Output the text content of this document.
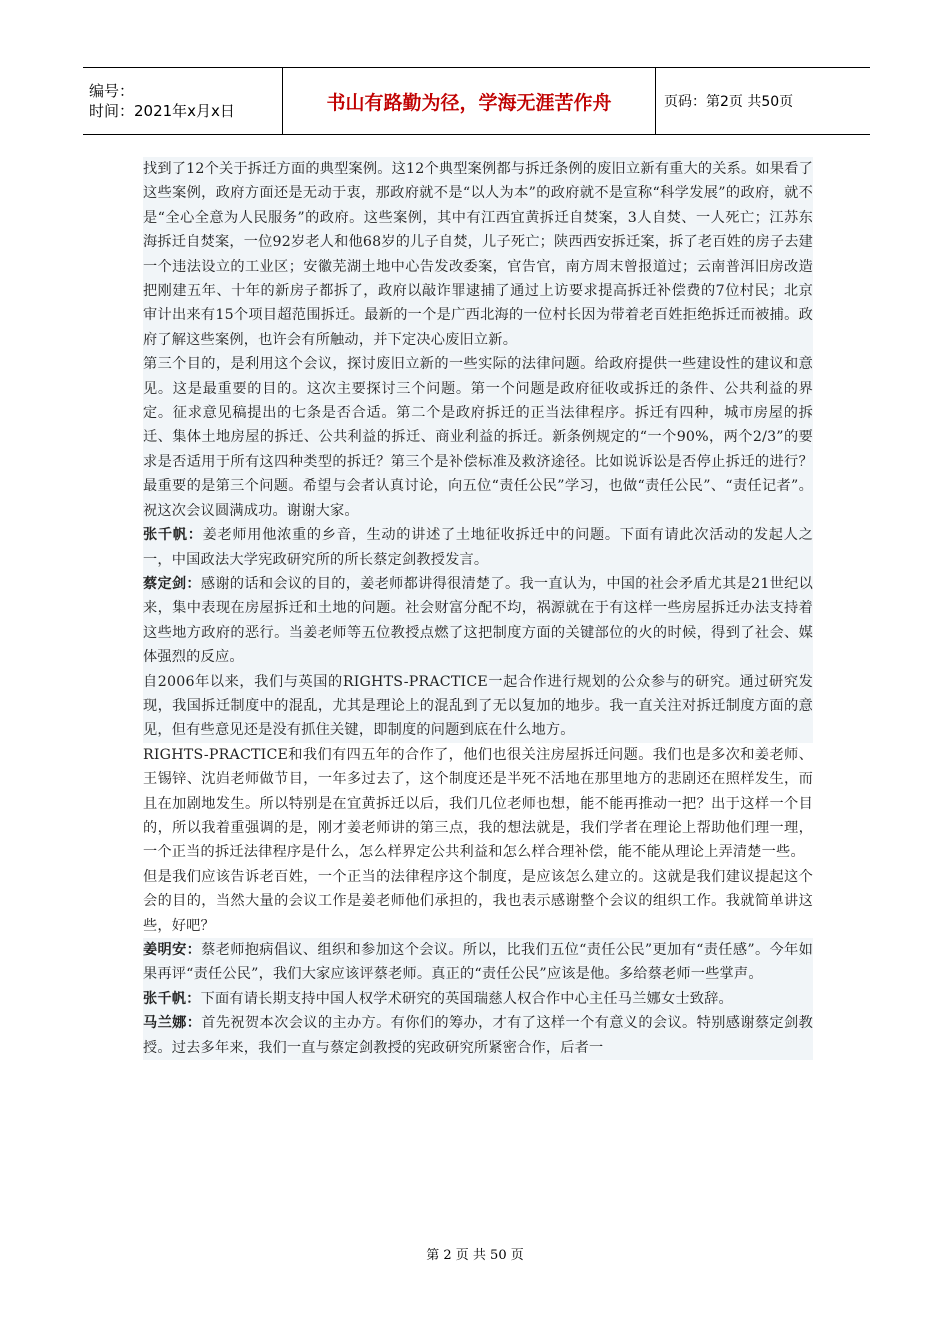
编号：
时间：2021年x月x日	书山有路勤为径，学海无涯苦作舟	页码：第2页 共50页

找到了12个关于拆迁方面的典型案例。这12个典型案例都与拆迁条例的废旧立新有重大的关系。如果看了这些案例，政府方面还是无动于衷，那政府就不是“以人为本”的政府就不是宣称“科学发展”的政府，就不是“全心全意为人民服务”的政府。这些案例，其中有江西宜黄拆迁自焚案，3人自焚、一人死亡；江苏东海拆迁自焚案，一位92岁老人和他68岁的儿子自焚，儿子死亡；陕西西安拆迁案，拆了老百姓的房子去建一个违法设立的工业区；安徽芜湖土地中心告发改委案，官告官，南方周末曾报道过；云南普洱旧房改造把刚建五年、十年的新房子都拆了，政府以敲诈罪逮捕了通过上访要求提高拆迁补偿费的7位村民；北京审计出来有15个项目超范围拆迁。最新的一个是广西北海的一位村长因为带着老百姓拒绝拆迁而被捕。政府了解这些案例，也许会有所触动，并下定决心废旧立新。

第三个目的，是利用这个会议，探讨废旧立新的一些实际的法律问题。给政府提供一些建设性的建议和意见。这是最重要的目的。这次主要探讨三个问题。第一个问题是政府征收或拆迁的条件、公共利益的界定。征求意见稿提出的七条是否合适。第二个是政府拆迁的正当法律程序。拆迁有四种，城市房屋的拆迁、集体土地房屋的拆迁、公共利益的拆迁、商业利益的拆迁。新条例规定的“一个90%，两个2/3”的要求是否适用于所有这四种类型的拆迁？第三个是补偿标准及救济途径。比如说诉讼是否停止拆迁的进行？最重要的是第三个问题。希望与会者认真讨论，向五位“责任公民”学习，也做“责任公民”、“责任记者”。祝这次会议圆满成功。谢谢大家。

张千帆：姜老师用他浓重的乡音，生动的讲述了土地征收拆迁中的问题。下面有请此次活动的发起人之一，中国政法大学宪政研究所的所长蔡定剑教授发言。

蔡定剑：感谢的话和会议的目的，姜老师都讲得很清楚了。我一直认为，中国的社会矛盾尤其是21世纪以来，集中表现在房屋拆迁和土地的问题。社会财富分配不均，祸源就在于有这样一些房屋拆迁办法支持着这些地方政府的恶行。当姜老师等五位教授点燃了这把制度方面的关键部位的火的时候，得到了社会、媒体强烈的反应。

自2006年以来，我们与英国的RIGHTS-PRACTICE一起合作进行规划的公众参与的研究。通过研究发现，我国拆迁制度中的混乱，尤其是理论上的混乱到了无以复加的地步。我一直关注对拆迁制度方面的意见，但有些意见还是没有抓住关键，即制度的问题到底在什么地方。

RIGHTS-PRACTICE和我们有四五年的合作了，他们也很关注房屋拆迁问题。我们也是多次和姜老师、王锡锌、沈岿老师做节目，一年多过去了，这个制度还是半死不活地在那里地方的悲剧还在照样发生，而且在加剧地发生。所以特别是在宜黄拆迁以后，我们几位老师也想，能不能再推动一把？出于这样一个目的，所以我着重强调的是，刚才姜老师讲的第三点，我的想法就是，我们学者在理论上帮助他们理一理，一个正当的拆迁法律程序是什么，怎么样界定公共利益和怎么样合理补偿，能不能从理论上弄清楚一些。

但是我们应该告诉老百姓，一个正当的法律程序这个制度，是应该怎么建立的。这就是我们建议提起这个会的目的，当然大量的会议工作是姜老师他们承担的，我也表示感谢整个会议的组织工作。我就简单讲这些，好吧？

姜明安：蔡老师抱病倡议、组织和参加这个会议。所以，比我们五位“责任公民”更加有“责任感”。今年如果再评“责任公民”，我们大家应该评蔡老师。真正的“责任公民”应该是他。多给蔡老师一些掌声。

张千帆：下面有请长期支持中国人权学术研究的英国瑞慈人权合作中心主任马兰娜女士致辞。

马兰娜：首先祝贺本次会议的主办方。有你们的筹办，才有了这样一个有意义的会议。特别感谢蔡定剑教授。过去多年来，我们一直与蔡定剑教授的宪政研究所紧密合作，后者一

第 2 页 共 50 页
